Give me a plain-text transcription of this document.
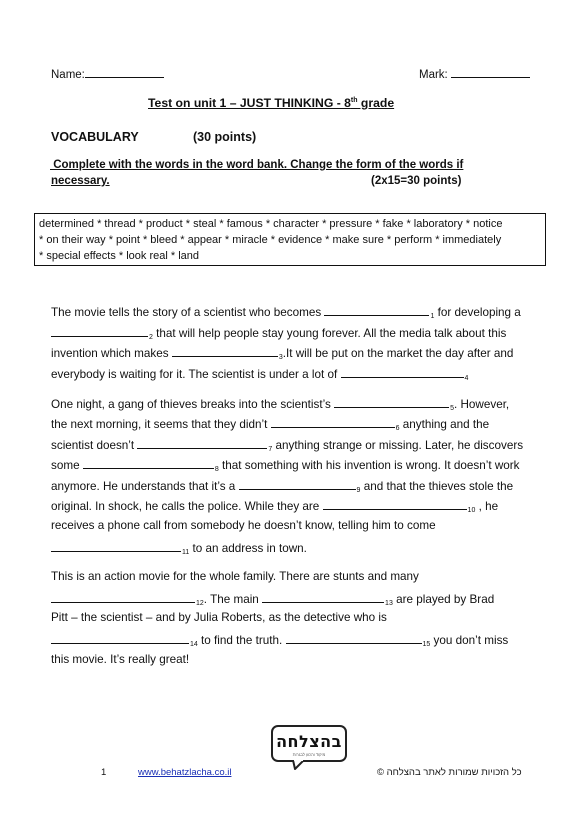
Name:	Mark:
Test on unit 1 – JUST THINKING - 8th grade
VOCABULARY	(30 points)
Complete with the words in the word bank. Change the form of the words if
necessary.	(2x15=30 points)
determined * thread * product * steal * famous * character * pressure * fake * laboratory * notice
* on their way * point * bleed * appear * miracle * evidence * make sure * perform * immediately
* special effects * look real * land
The movie tells the story of a scientist who becomes	$_1$ for developing a
$_2$ that will help people stay young forever. All the media talk about this
invention which makes	$_3$.It will be put on the market the day after and
everybody is waiting for it. The scientist is under a lot of	$_4$
One night, a gang of thieves breaks into the scientist’s	$_5$. However,
the next morning, it seems that they didn’t	$_6$ anything and the
scientist doesn’t	$_7$ anything strange or missing. Later, he discovers
some	$_8$ that something with his invention is wrong. It doesn’t work
anymore. He understands that it’s a	$_9$ and that the thieves stole the
original. In shock, he calls the police. While they are	$_{10}$ , he
receives a phone call from somebody he doesn’t know, telling him to come
$_{11}$ to an address in town.
This is an action movie for the whole family. There are stunts and many
$_{12}$. The main	$_{13}$ are played by Brad
Pitt – the scientist – and by Julia Roberts, as the detective who is
$_{14}$ to find the truth.	$_{15}$ you don’t miss
this movie. It’s really great!
בהצלחה
מיקוד והכוון לבגרות
1	www.behatzlacha.co.il	כל הזכויות שמורות לאתר בהצלחה ©
